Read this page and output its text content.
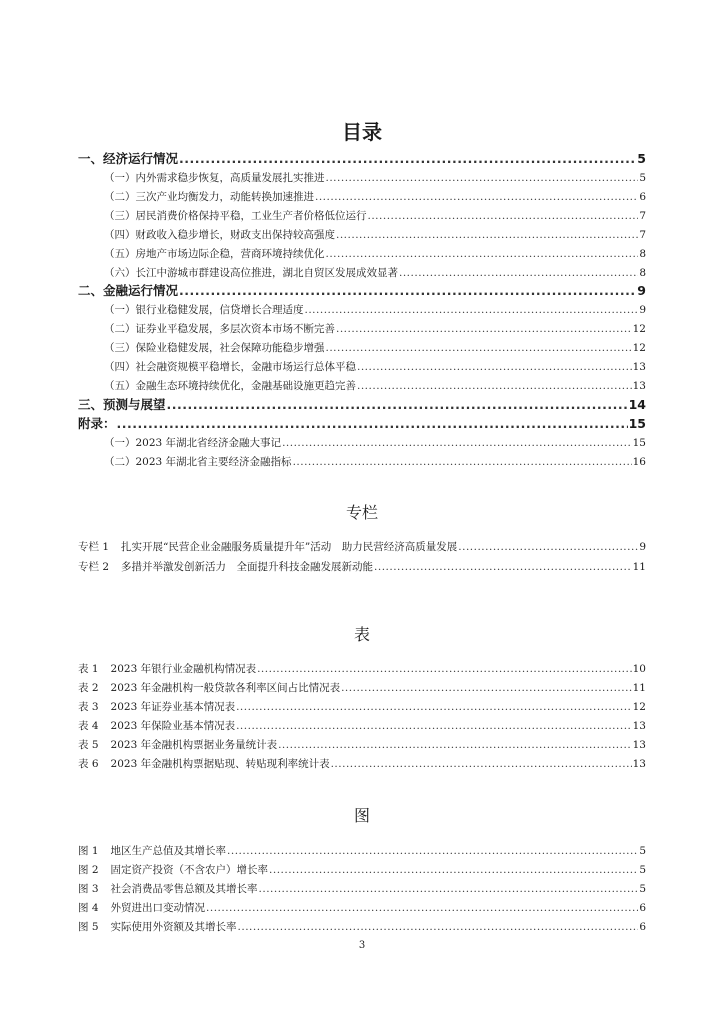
目录
一、经济运行情况 .....	5
（一）内外需求稳步恢复，高质量发展扎实推进 .....	5
（二）三次产业均衡发力，动能转换加速推进 .....	6
（三）居民消费价格保持平稳，工业生产者价格低位运行 .....	7
（四）财政收入稳步增长，财政支出保持较高强度 .....	7
（五）房地产市场边际企稳，营商环境持续优化 .....	8
（六）长江中游城市群建设高位推进，湖北自贸区发展成效显著 .....	8
二、金融运行情况 .....	9
（一）银行业稳健发展，信贷增长合理适度 .....	9
（二）证券业平稳发展，多层次资本市场不断完善 .....	12
（三）保险业稳健发展，社会保障功能稳步增强 .....	12
（四）社会融资规模平稳增长，金融市场运行总体平稳 .....	13
（五）金融生态环境持续优化，金融基础设施更趋完善 .....	13
三、预测与展望 .....	14
附录： .....	15
（一）2023 年湖北省经济金融大事记 .....	15
（二）2023 年湖北省主要经济金融指标 .....	16
专栏
专栏 1 扎实开展“民营企业金融服务质量提升年”活动　助力民营经济高质量发展 .....	9
专栏 2 多措并举激发创新活力　全面提升科技金融发展新动能 .....	11
表
表 1 2023 年银行业金融机构情况表 .....	10
表 2 2023 年金融机构一般贷款各利率区间占比情况表 .....	11
表 3 2023 年证券业基本情况表 .....	12
表 4 2023 年保险业基本情况表 .....	13
表 5 2023 年金融机构票据业务量统计表 .....	13
表 6 2023 年金融机构票据贴现、转贴现利率统计表 .....	13
图
图 1 地区生产总值及其增长率 .....	5
图 2 固定资产投资（不含农户）增长率 .....	5
图 3 社会消费品零售总额及其增长率 .....	5
图 4 外贸进出口变动情况 .....	6
图 5 实际使用外资额及其增长率 .....	6
3
